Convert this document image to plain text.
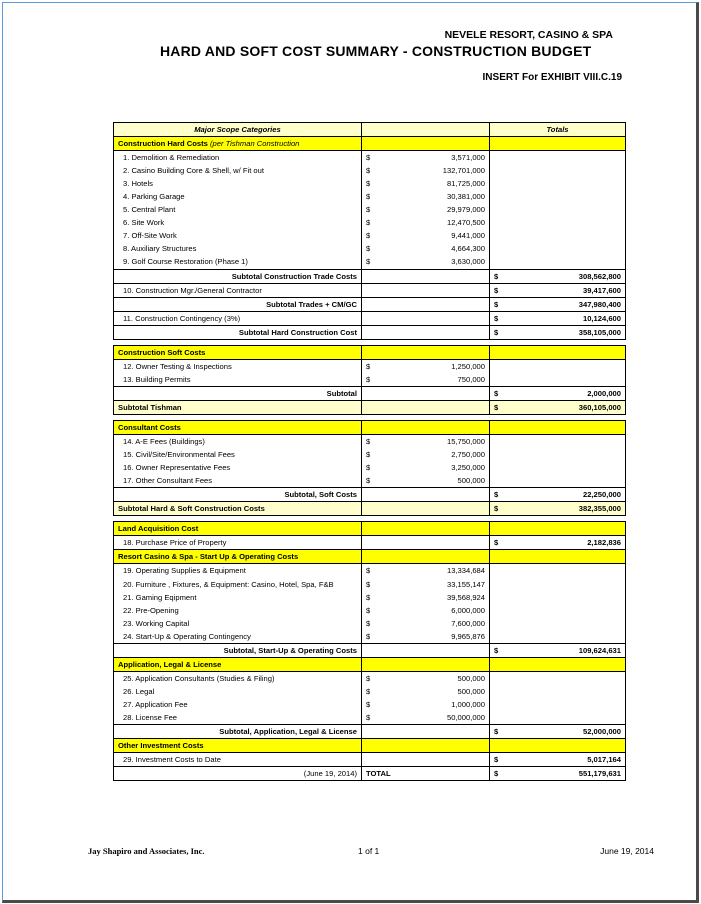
NEVELE RESORT, CASINO & SPA
HARD AND SOFT COST SUMMARY - CONSTRUCTION BUDGET
INSERT For EXHIBIT VIII.C.19
Major Scope Categories		Totals
Construction Hard Costs (per Tishman Construction		
1. Demolition & Remediation	$ 3,571,000	

2. Casino Building Core & Shell, w/ Fit out	$ 132,701,000	

3. Hotels	$ 81,725,000	

4. Parking Garage	$ 30,381,000	

5. Central Plant	$ 29,979,000	

6. Site Work	$ 12,470,500	

7. Off-Site Work	$ 9,441,000	

8. Auxiliary Structures	$ 4,664,300	

9. Golf Course Restoration (Phase 1)	$ 3,630,000	

Subtotal Construction Trade Costs		$ 308,562,800

10. Construction Mgr./General Contractor		$ 39,417,600

Subtotal Trades + CM/GC		$ 347,980,400

11. Construction Contingency (3%)		$ 10,124,600

Subtotal Hard Construction Cost		$ 358,105,000

Construction Soft Costs		
12. Owner Testing & Inspections	$ 1,250,000	

13. Building Permits	$ 750,000	

Subtotal		$ 2,000,000

Subtotal Tishman		$ 360,105,000

Consultant Costs		
14. A-E Fees (Buildings)	$ 15,750,000	

15. Civil/Site/Environmental Fees	$ 2,750,000	

16. Owner Representative Fees	$ 3,250,000	

17. Other Consultant Fees	$ 500,000	

Subtotal, Soft Costs		$ 22,250,000

Subtotal Hard & Soft Construction Costs		$ 382,355,000

Land Acquisition Cost		
18. Purchase Price of Property		$ 2,182,836

Resort Casino & Spa - Start Up & Operating Costs		
19. Operating Supplies & Equipment	$ 13,334,684	

20. Furniture , Fixtures, & Equipment: Casino, Hotel, Spa, F&B	$ 33,155,147	

21. Gaming Eqipment	$ 39,568,924	

22. Pre-Opening	$ 6,000,000	

23. Working Capital	$ 7,600,000	

24. Start-Up & Operating Contingency	$ 9,965,876	

Subtotal, Start-Up & Operating Costs		$ 109,624,631

Application, Legal & License		
25. Application Consultants (Studies & Filing)	$ 500,000	

26. Legal	$ 500,000	

27. Application Fee	$ 1,000,000	

28. License Fee	$ 50,000,000	

Subtotal, Application, Legal & License		$ 52,000,000

Other Investment Costs		
29. Investment Costs to Date		$ 5,017,164

(June 19, 2014)	TOTAL	$ 551,179,631
Jay Shapiro and Associates, Inc.	1 of 1	June 19, 2014
